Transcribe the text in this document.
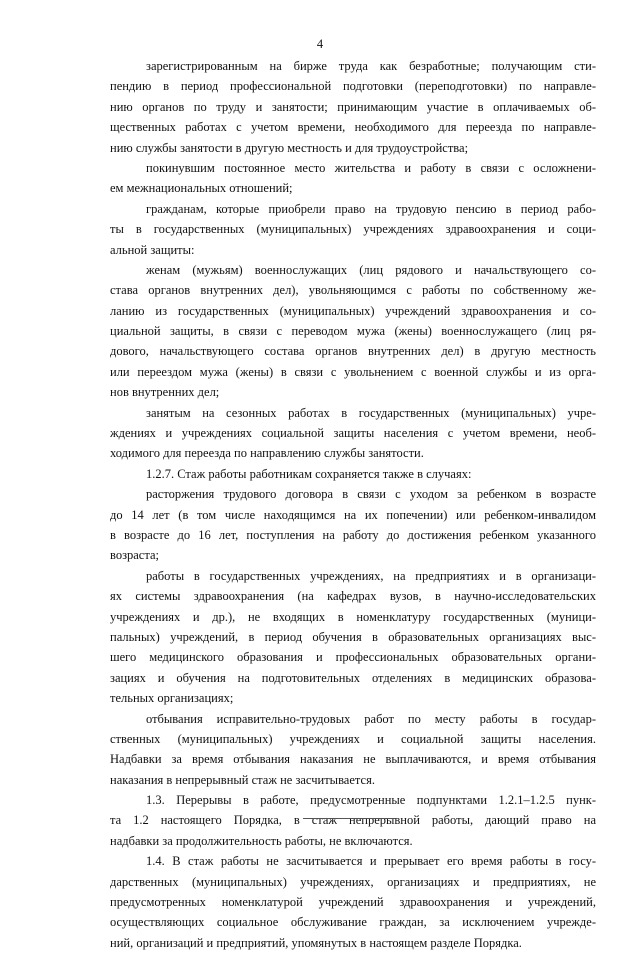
4
зарегистрированным на бирже труда как безработные; получающим сти-
пендию в период профессиональной подготовки (переподготовки) по направле-
нию органов по труду и занятости; принимающим участие в оплачиваемых об-
щественных работах с учетом времени, необходимого для переезда по направле-
нию службы занятости в другую местность и для трудоустройства;
покинувшим постоянное место жительства и работу в связи с осложнени-
ем межнациональных отношений;
гражданам, которые приобрели право на трудовую пенсию в период рабо-
ты в государственных (муниципальных) учреждениях здравоохранения и соци-
альной защиты:
женам (мужьям) военнослужащих (лиц рядового и начальствующего со-
става органов внутренних дел), увольняющимся с работы по собственному же-
ланию из государственных (муниципальных) учреждений здравоохранения и со-
циальной защиты, в связи с переводом мужа (жены) военнослужащего (лиц ря-
дового, начальствующего состава органов внутренних дел) в другую местность
или переездом мужа (жены) в связи с увольнением с военной службы и из орга-
нов внутренних дел;
занятым на сезонных работах в государственных (муниципальных) учре-
ждениях и учреждениях социальной защиты населения с учетом времени, необ-
ходимого для переезда по направлению службы занятости.
1.2.7. Стаж работы работникам сохраняется также в случаях:
расторжения трудового договора в связи с уходом за ребенком в возрасте
до 14 лет (в том числе находящимся на их попечении) или ребенком-инвалидом
в возрасте до 16 лет, поступления на работу до достижения ребенком указанного
возраста;
работы в государственных учреждениях, на предприятиях и в организаци-
ях системы здравоохранения (на кафедрах вузов, в научно-исследовательских
учреждениях и др.), не входящих в номенклатуру государственных (муници-
пальных) учреждений, в период обучения в образовательных организациях выс-
шего медицинского образования и профессиональных образовательных органи-
зациях и обучения на подготовительных отделениях в медицинских образова-
тельных организациях;
отбывания исправительно-трудовых работ по месту работы в государ-
ственных (муниципальных) учреждениях и социальной защиты населения.
Надбавки за время отбывания наказания не выплачиваются, и время отбывания
наказания в непрерывный стаж не засчитывается.
1.3. Перерывы в работе, предусмотренные подпунктами 1.2.1–1.2.5 пунк-
та 1.2 настоящего Порядка, в стаж непрерывной работы, дающий право на
надбавки за продолжительность работы, не включаются.
1.4. В стаж работы не засчитывается и прерывает его время работы в госу-
дарственных (муниципальных) учреждениях, организациях и предприятиях, не
предусмотренных номенклатурой учреждений здравоохранения и учреждений,
осуществляющих социальное обслуживание граждан, за исключением учрежде-
ний, организаций и предприятий, упомянутых в настоящем разделе Порядка.
